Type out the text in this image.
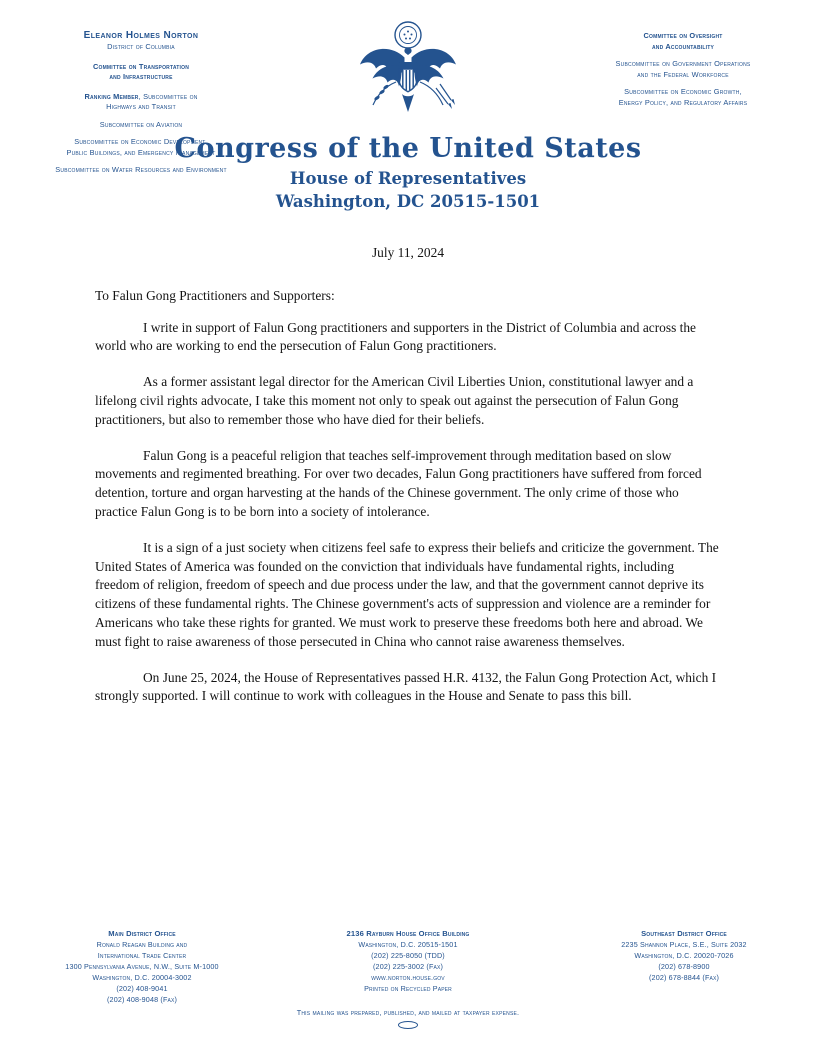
Eleanor Holmes Norton
District of Columbia
Committee on Transportation
and Infrastructure
Ranking Member, Subcommittee on
Highways and Transit
Subcommittee on Aviation
Subcommittee on Economic Development,
Public Buildings, and Emergency Management
Subcommittee on Water Resources and Environment
Committee on Oversight
and Accountability
Subcommittee on Government Operations
and the Federal Workforce
Subcommittee on Economic Growth,
Energy Policy, and Regulatory Affairs
Congress of the United States
House of Representatives
Washington, DC 20515-1501
July 11, 2024
To Falun Gong Practitioners and Supporters:

I write in support of Falun Gong practitioners and supporters in the District of Columbia and across the world who are working to end the persecution of Falun Gong practitioners.

As a former assistant legal director for the American Civil Liberties Union, constitutional lawyer and a lifelong civil rights advocate, I take this moment not only to speak out against the persecution of Falun Gong practitioners, but also to remember those who have died for their beliefs.

Falun Gong is a peaceful religion that teaches self-improvement through meditation based on slow movements and regimented breathing. For over two decades, Falun Gong practitioners have suffered from forced detention, torture and organ harvesting at the hands of the Chinese government. The only crime of those who practice Falun Gong is to be born into a society of intolerance.

It is a sign of a just society when citizens feel safe to express their beliefs and criticize the government. The United States of America was founded on the conviction that individuals have fundamental rights, including freedom of religion, freedom of speech and due process under the law, and that the government cannot deprive its citizens of these fundamental rights. The Chinese government's acts of suppression and violence are a reminder for Americans who take these rights for granted. We must work to preserve these freedoms both here and abroad. We must fight to raise awareness of those persecuted in China who cannot raise awareness themselves.

On June 25, 2024, the House of Representatives passed H.R. 4132, the Falun Gong Protection Act, which I strongly supported. I will continue to work with colleagues in the House and Senate to pass this bill.

Main District Office
Ronald Reagan Building and
International Trade Center
1300 Pennsylvania Avenue, N.W., Suite M-1000
Washington, D.C. 20004-3002
(202) 408-9041
(202) 408-9048 (Fax)
2136 Rayburn House Office Building
Washington, D.C. 20515-1501
(202) 225-8050 (TDD)
(202) 225-3002 (Fax)
www.norton.house.gov
Printed on Recycled Paper
Southeast District Office
2235 Shannon Place, S.E., Suite 2032
Washington, D.C. 20020-7026
(202) 678-8900
(202) 678-8844 (Fax)
This mailing was prepared, published, and mailed at taxpayer expense.
